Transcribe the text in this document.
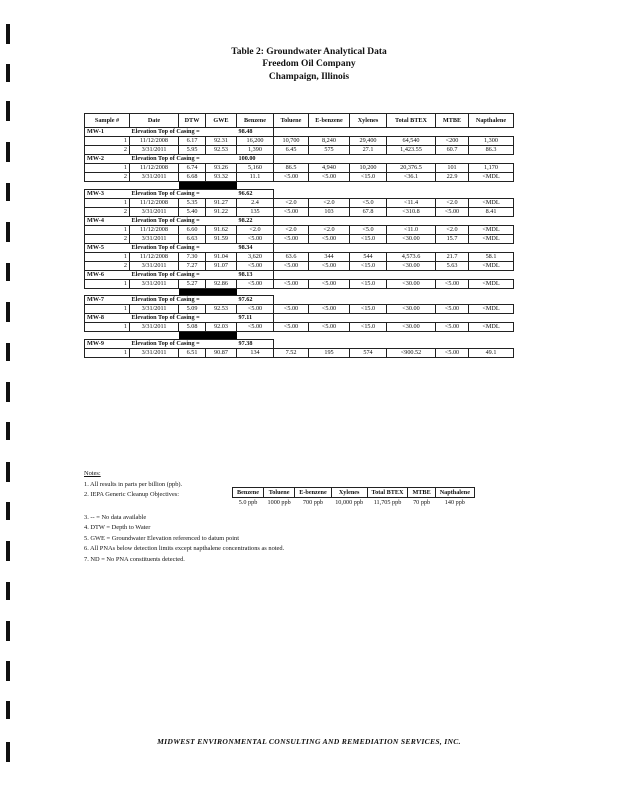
Table 2: Groundwater Analytical Data
Freedom Oil Company
Champaign, Illinois
Sample #	Date	DTW	GWE	Benzene	Toluene	E-benzene	Xylenes	Total BTEX	MTBE	Napthalene

MW-1	Elevation Top of Casing =			98.48						
1	11/12/2008	6.17	92.31	16,200	10,700	8,240	29,400	64,540	<200	1,300
2	3/31/2011	5.95	92.53	1,390	6.45	575	27.1	1,423.55	60.7	86.3

MW-2	Elevation Top of Casing =			100.00						
1	11/12/2008	6.74	93.26	5,160	86.5	4,940	10,200	20,376.5	101	1,170
2	3/31/2011	6.68	93.32	11.1	<5.00	<5.00	<15.0	<36.1	22.9	<MDL

MW-3	Elevation Top of Casing =			96.62						
1	11/12/2008	5.35	91.27	2.4	<2.0	<2.0	<5.0	<11.4	<2.0	<MDL
2	3/31/2011	5.40	91.22	135	<5.00	103	67.8	<310.8	<5.00	8.41

MW-4	Elevation Top of Casing =			98.22						
1	11/12/2008	6.60	91.62	<2.0	<2.0	<2.0	<5.0	<11.0	<2.0	<MDL
2	3/31/2011	6.63	91.59	<5.00	<5.00	<5.00	<15.0	<30.00	15.7	<MDL

MW-5	Elevation Top of Casing =			98.34						
1	11/12/2008	7.30	91.04	3,620	63.6	344	544	4,573.6	21.7	58.1
2	3/31/2011	7.27	91.07	<5.00	<5.00	<5.00	<15.0	<30.00	5.63	<MDL

MW-6	Elevation Top of Casing =			98.13						
1	3/31/2011	5.27	92.86	<5.00	<5.00	<5.00	<15.0	<30.00	<5.00	<MDL

MW-7	Elevation Top of Casing =			97.62						
1	3/31/2011	5.09	92.53	<5.00	<5.00	<5.00	<15.0	<30.00	<5.00	<MDL

MW-8	Elevation Top of Casing =			97.11						
1	3/31/2011	5.08	92.03	<5.00	<5.00	<5.00	<15.0	<30.00	<5.00	<MDL

MW-9	Elevation Top of Casing =			97.38						
1	3/31/2011	6.51	90.87	134	7.52	195	574	<900.52	<5.00	49.1
Notes:
1. All results in parts per billion (ppb).
2. IEPA Generic Cleanup Objectives:
3. -- = No data available
4. DTW = Depth to Water
5. GWE = Groundwater Elevation referenced to datum point
6. All PNAs below detection limits except napthalene concentrations as noted.
7. ND = No PNA constituents detected.
Benzene	Toluene	E-benzene	Xylenes	Total BTEX	MTBE	Napthalene
5.0 ppb	1000 ppb	700 ppb	10,000 ppb	11,705 ppb	70 ppb	140 ppb
MIDWEST ENVIRONMENTAL CONSULTING AND REMEDIATION SERVICES, INC.
